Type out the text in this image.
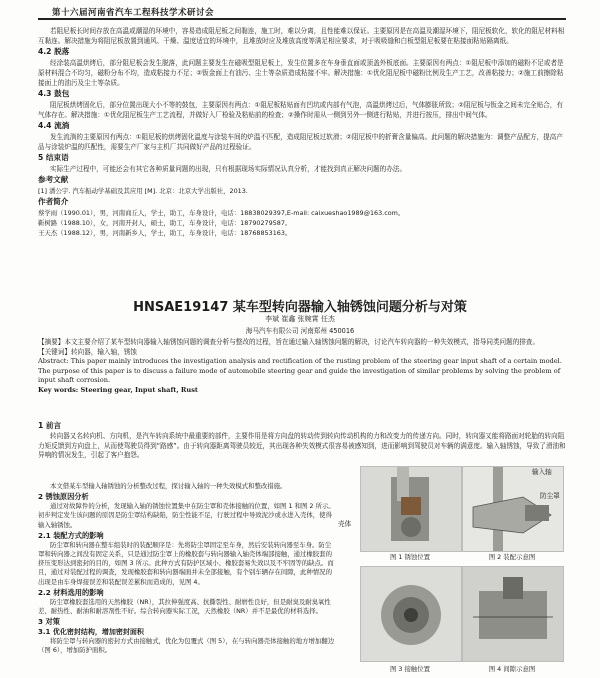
第十六届河南省汽车工程科技学术研讨会

若阻尼板长时间存放在高温或潮湿的环境中，容易造成阻尼板之间黏连，施工时，难以分离，且性能难以保证。主要原因是在高温及潮湿环境下，阻尼板软化，软化的阻尼材料相互黏连。解决措施为将阻尼板放置到通风、干燥、温度适宜的环境中，且堆放时应及堆放高度等满足相应要求，对于吸吸缝和白板型阻尼板要在粘接面粘贴隔离纸。

4.2 脱落

经涂装高温烘烤后，部分阻尼板会发生脱落，此问题主要发生在磁吸型阻尼板上，发生位置多在车身垂直面或顶盖外板底面。主要原因有两点：①阻尼板中添加的磁粉不足或者是原材料混合不均匀，磁粉分布不均，造成粘接力不足；②钣金面上有油污、尘土等杂质造成粘接不牢。解决措施：①优化阻尼板中磁粉比例及生产工艺，改善粘接力；②施工前擦除粘接面上的油污及尘土等杂质。

4.3 鼓包

阻尼板烘烤固化后，部分位置出现大小不等的鼓包，主要原因有两点：①阻尼板粘贴面有凹坑或内部有气泡，高温烘烤过后，气体膨胀所致；②阻尼板与钣金之间未完全贴合，有气体存在。解决措施：①优化阻尼板生产工艺流程，并做好入厂检验及粘贴前的检查；②操作时需从一侧到另外一侧进行粘贴，并进行按压，排出中间气体。

4.4 流淌

发生流淌的主要原因有两点：①阻尼板的烘烤固化温度与涂装车间的炉温不匹配，造成阻尼板过软滑；②阻尼板中的折膏含量偏高。此问题的解决措施为：调整产品配方，提高产品与涂装炉温的匹配性，需要生产厂家与主机厂共同做好产品的过程验证。

5 结束语

实际生产过程中，可能还会有其它各种质量问题的出现，只有根据现场实际情况认真分析，才能找到真正解决问题的办法。

参考文献

[1] 潘公宇. 汽车振动学基础及其应用 [M]. 北京：北京大学出版社，2013.

作者简介

蔡学雨（1990.01），男，河南商丘人，学士，助工，车身设计，电话：18838029397,E-mail: caixueshao1989@163.com。

靳树路（1988.10），女，河南开封人，硕士，助工，车身设计，电话：18790279587。

王天杰（1988.12），男，河南新乡人，学士，助工，车身设计，电话：18768853163。

HNSAE19147 某车型转向器输入轴锈蚀问题分析与对策
李斌 崔鑫 张婉霄 任杰
海马汽车有限公司 河南郑州 450016

【摘要】本文主要介绍了某车型转向器输入轴锈蚀问题的调查分析与整改的过程，旨在通过输入轴锈蚀问题的解决，讨论汽车转向器的一种失效模式，指导同类问题的排查。

【关键词】转向器，输入轴，锈蚀

Abstract: This paper mainly introduces the investigation analysis and rectification of the rusting problem of the steering gear input shaft of a certain model. The purpose of this paper is to discuss a failure mode of automobile steering gear and guide the investigation of similar problems by solving the problem of input shaft corrosion.

Key words: Steering gear, Input shaft, Rust

1 前言

转向器又名转向机、方向机，是汽车转向系统中最重要的部件，主要作用是将方向盘的转动传到转向传动机构的力和改变力的传递方向。同时，转向器又能将路面对轮胎的转向阻力矩反馈到方向盘上，从而使驾驶员得到“路感”。由于转向器距离驾驶员较近，其出现各种失效模式很容易被感知到，进而影响到驾驶员对车辆的满意度。输入轴锈蚀，导致了滑油和异响的情况发生，引起了客户抱怨。

本文借某车型输入轴锈蚀的分析整改过程，探讨输入轴的一种失效模式和整改措施。

2 锈蚀原因分析

通过对故障件的分析，发现输入轴的锈蚀位置集中在防尘罩和壳体接触的位置，如图 1 和图 2 所示。初步判定发生该问题的原因是防尘罩结构缺陷，防尘性能不足，行驶过程中导致泥沙或水进入壳体，使得输入轴锈蚀。

2.1 装配方式的影响

防尘罩和转向器在整车组装时的装配顺序是：先将防尘罩固定至车身，然后安装转向器至车身。防尘罩和转向器之间没有固定关系，只是通过防尘罩上的橡胶套与转向器输入轴壳体端部接触，通过橡胶套的挤压变形达到密封的目的，如图 3 所示。此种方式有防护区域小、橡胶套易失效以及不牢固等的缺点。而且，通过对装配过程的调查，发现橡胶套和转向器端面并未全部接触，有个别车辆存在间隙，此种情况的出现是由车身焊接误差和装配误差累积而造成的，见图 4。

2.2 材料选用的影响

防尘罩橡胶套选用的天然橡胶（NR），其拉伸强度高、抗撕裂性、耐磨性良好，但是耐臭及耐臭氧性差、耐热性、耐油和耐溶剂性不好。综合转向器实际工况，天然橡胶（NR）并不是最优的材料选择。

3 对策

3.1 优化密封结构，增加密封面积

将防尘罩与转向器的密封方式由接触式，优化为包覆式（图 5），在与转向器壳体接触的地方增加翻边（图 6），增加防护面积。

输入轴
防尘罩
壳体
图 1 锈蚀位置	图 2 装配示意图
图 3 接触位置	图 4 间隙示意图
